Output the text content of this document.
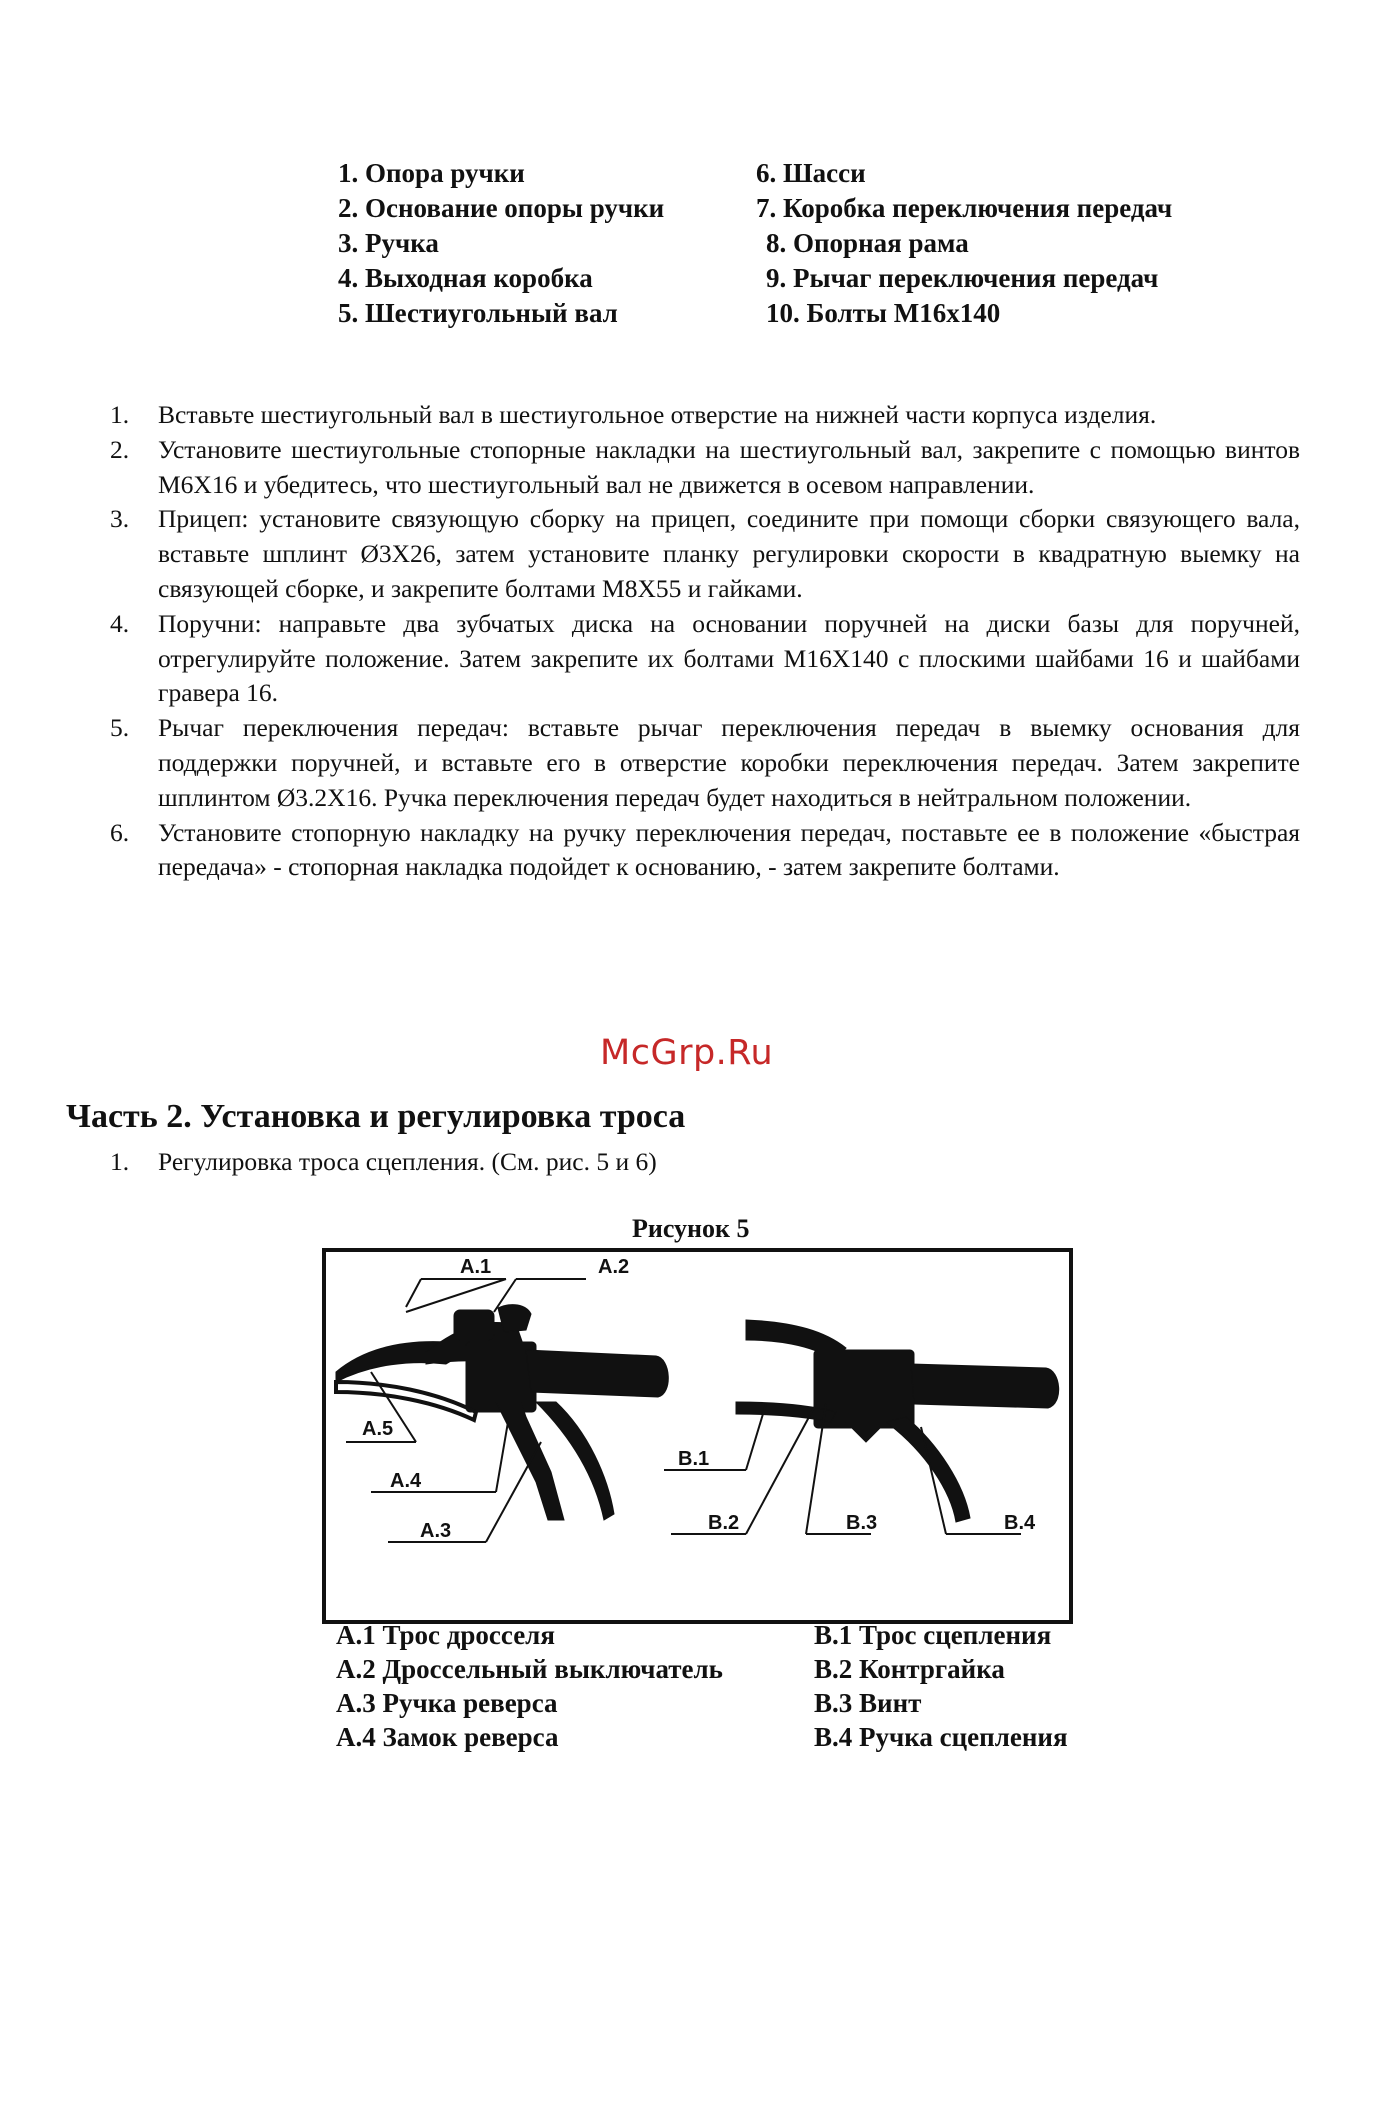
1. Опора ручки	6. Шасси
2. Основание опоры ручки	7. Коробка переключения передач
3. Ручка	8. Опорная рама
4. Выходная коробка	9. Рычаг переключения передач
5. Шестиугольный вал	10. Болты M16x140
1. Вставьте шестиугольный вал в шестиугольное отверстие на нижней части корпуса изделия.
2. Установите шестиугольные стопорные накладки на шестиугольный вал, закрепите с помощью винтов M6X16 и убедитесь, что шестиугольный вал не движется в осевом направлении.
3. Прицеп: установите связующую сборку на прицеп, соедините при помощи сборки связующего вала, вставьте шплинт Ø3X26, затем установите планку регулировки скорости в квадратную выемку на связующей сборке, и закрепите болтами M8X55 и гайками.
4. Поручни: направьте два зубчатых диска на основании поручней на диски базы для поручней, отрегулируйте положение. Затем закрепите их болтами M16X140 с плоскими шайбами 16 и шайбами гравера 16.
5. Рычаг переключения передач: вставьте рычаг переключения передач в выемку основания для поддержки поручней, и вставьте его в отверстие коробки переключения передач. Затем закрепите шплинтом Ø3.2X16. Ручка переключения передач будет находиться в нейтральном положении.
6. Установите стопорную накладку на ручку переключения передач, поставьте ее в положение «быстрая передача» - стопорная накладка подойдет к основанию, - затем закрепите болтами.
McGrp.Ru
Часть 2. Установка и регулировка троса
1. Регулировка троса сцепления. (См. рис. 5 и 6)
Рисунок 5
A.1	A.2
A.5
A.4
A.3
B.1
B.2	B.3	B.4
A.1 Трос дросселя	B.1 Трос сцепления
A.2 Дроссельный выключатель	B.2 Контргайка
A.3 Ручка реверса	B.3 Винт
A.4 Замок реверса	B.4 Ручка сцепления
